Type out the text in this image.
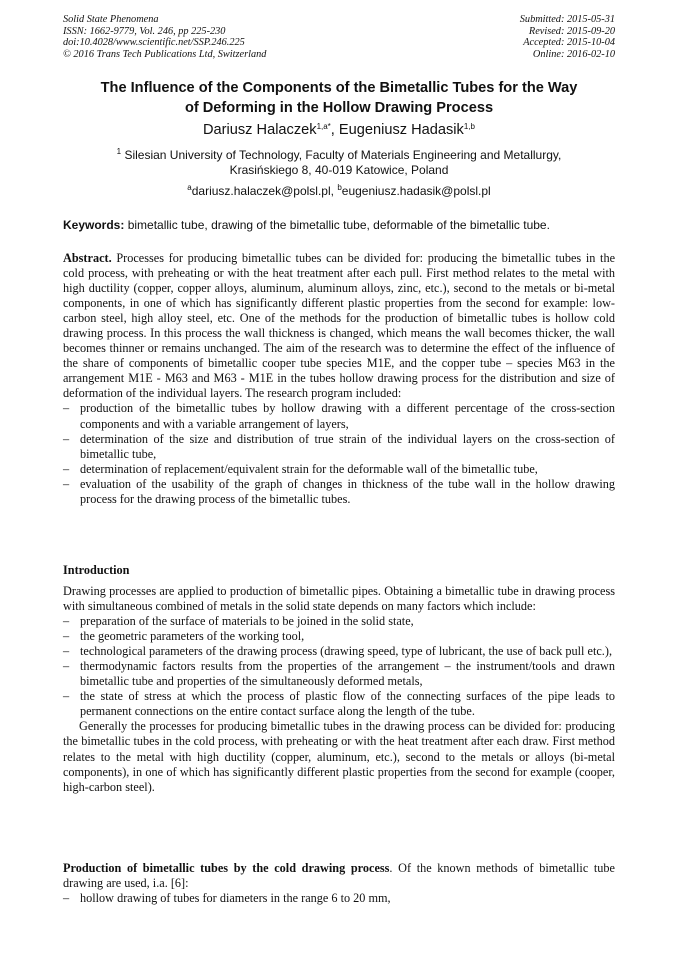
Solid State Phenomena
ISSN: 1662-9779, Vol. 246, pp 225-230
doi:10.4028/www.scientific.net/SSP.246.225
© 2016 Trans Tech Publications Ltd, Switzerland
Submitted: 2015-05-31
Revised: 2015-09-20
Accepted: 2015-10-04
Online: 2016-02-10
The Influence of the Components of the Bimetallic Tubes for the Way
of Deforming in the Hollow Drawing Process
Dariusz Halaczek$^{1,a*}$, Eugeniusz Hadasik$^{1,b}$
$^1$ Silesian University of Technology, Faculty of Materials Engineering and Metallurgy,
Krasińskiego 8, 40-019 Katowice, Poland
$^a$dariusz.halaczek@polsl.pl, $^b$eugeniusz.hadasik@polsl.pl
Keywords: bimetallic tube, drawing of the bimetallic tube, deformable of the bimetallic tube.

Abstract. Processes for producing bimetallic tubes can be divided for: producing the bimetallic tubes in the cold process, with preheating or with the heat treatment after each pull. First method relates to the metal with high ductility (copper, copper alloys, aluminum, aluminum alloys, zinc, etc.), second to the metals or bi-metal components, in one of which has significantly different plastic properties from the second for example: low-carbon steel, high alloy steel, etc. One of the methods for the production of bimetallic tubes is hollow cold drawing process. In this process the wall thickness is changed, which means the wall becomes thicker, the wall becomes thinner or remains unchanged. The aim of the research was to determine the effect of the influence of the share of components of bimetallic cooper tube species M1E, and the copper tube – species M63 in the arrangement M1E - M63 and M63 - M1E in the tubes hollow drawing process for the distribution and size of deformation of the individual layers. The research program included:

– production of the bimetallic tubes by hollow drawing with a different percentage of the cross-section components and with a variable arrangement of layers,
– determination of the size and distribution of true strain of the individual layers on the cross-section of bimetallic tube,
– determination of replacement/equivalent strain for the deformable wall of the bimetallic tube,
– evaluation of the usability of the graph of changes in thickness of the tube wall in the hollow drawing process for the drawing process of the bimetallic tubes.

Introduction

Drawing processes are applied to production of bimetallic pipes. Obtaining a bimetallic tube in drawing process with simultaneous combined of metals in the solid state depends on many factors which include:

– preparation of the surface of materials to be joined in the solid state,
– the geometric parameters of the working tool,
– technological parameters of the drawing process (drawing speed, type of lubricant, the use of back pull etc.),
– thermodynamic factors results from the properties of the arrangement – the instrument/tools and drawn bimetallic tube and properties of the simultaneously deformed metals,
– the state of stress at which the process of plastic flow of the connecting surfaces of the pipe leads to permanent connections on the entire contact surface along the length of the tube.

Generally the processes for producing bimetallic tubes in the drawing process can be divided for: producing the bimetallic tubes in the cold process, with preheating or with the heat treatment after each draw. First method relates to the metal with high ductility (copper, aluminum, etc.), second to the metals or alloys (bi-metal components), in one of which has significantly different plastic properties from the second for example (cooper, high-carbon steel).

Production of bimetallic tubes by the cold drawing process. Of the known methods of bimetallic tube drawing are used, i.a. [6]:

– hollow drawing of tubes for diameters in the range 6 to 20 mm,
